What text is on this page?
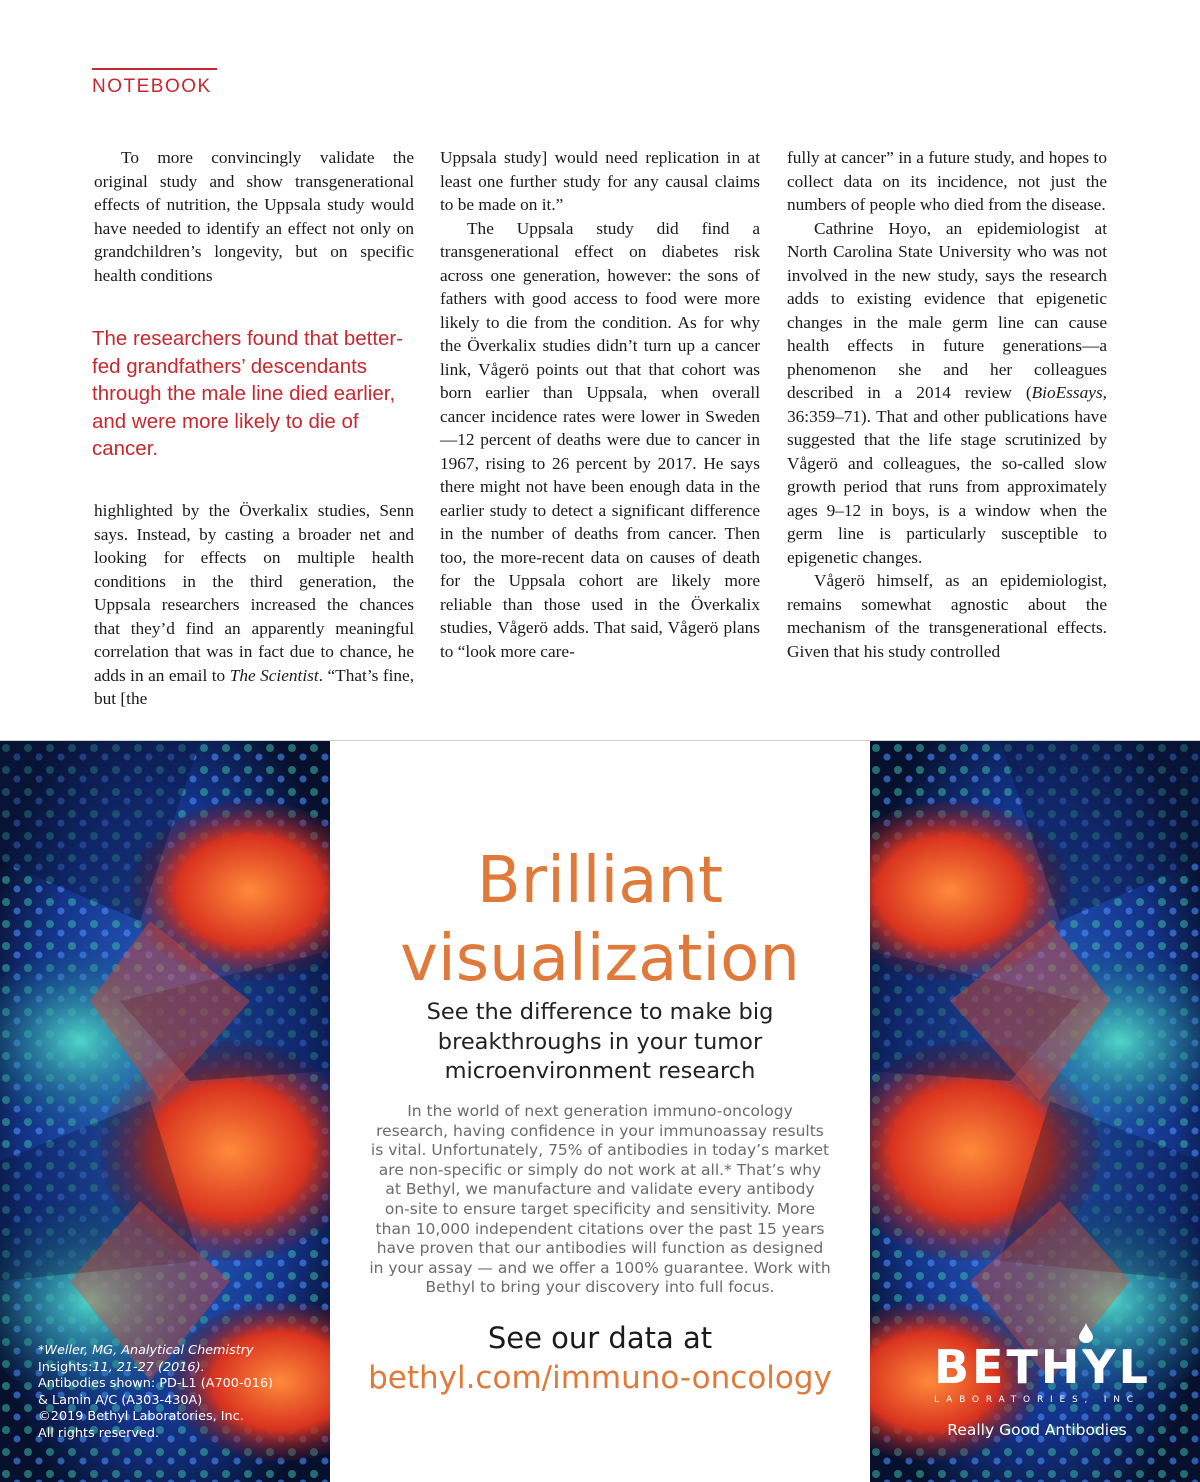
NOTEBOOK

To more convincingly validate the original study and show transgenerational effects of nutrition, the Uppsala study would have needed to identify an effect not only on grandchildren’s longevity, but on specific health conditions

The researchers found that better-fed grandfathers’ descendants through the male line died earlier, and were more likely to die of cancer.

highlighted by the Överkalix studies, Senn says. Instead, by casting a broader net and looking for effects on multiple health conditions in the third generation, the Uppsala researchers increased the chances that they’d find an apparently meaningful correlation that was in fact due to chance, he adds in an email to The Scientist. “That’s fine, but [the

Uppsala study] would need replication in at least one further study for any causal claims to be made on it.”

The Uppsala study did find a transgenerational effect on diabetes risk across one generation, however: the sons of fathers with good access to food were more likely to die from the condition. As for why the Överkalix studies didn’t turn up a cancer link, Vågerö points out that that cohort was born earlier than Uppsala, when overall cancer incidence rates were lower in Sweden—12 percent of deaths were due to cancer in 1967, rising to 26 percent by 2017. He says there might not have been enough data in the earlier study to detect a significant difference in the number of deaths from cancer. Then too, the more-recent data on causes of death for the Uppsala cohort are likely more reliable than those used in the Överkalix studies, Vågerö adds. That said, Vågerö plans to “look more care-

fully at cancer” in a future study, and hopes to collect data on its incidence, not just the numbers of people who died from the disease.

Cathrine Hoyo, an epidemiologist at North Carolina State University who was not involved in the new study, says the research adds to existing evidence that epigenetic changes in the male germ line can cause health effects in future generations—a phenomenon she and her colleagues described in a 2014 review (BioEssays, 36:359–71). That and other publications have suggested that the life stage scrutinized by Vågerö and colleagues, the so-called slow growth period that runs from approximately ages 9–12 in boys, is a window when the germ line is particularly susceptible to epigenetic changes.

Vågerö himself, as an epidemiologist, remains somewhat agnostic about the mechanism of the transgenerational effects. Given that his study controlled

Brilliant
visualization
See the difference to make big
breakthroughs in your tumor
microenvironment research
In the world of next generation immuno-oncology
research, having confidence in your immunoassay results
is vital. Unfortunately, 75% of antibodies in today’s market
are non-specific or simply do not work at all.* That’s why
at Bethyl, we manufacture and validate every antibody
on-site to ensure target specificity and sensitivity. More
than 10,000 independent citations over the past 15 years
have proven that our antibodies will function as designed
in your assay — and we offer a 100% guarantee. Work with
Bethyl to bring your discovery into full focus.
See our data at
bethyl.com/immuno-oncology
*Weller, MG, Analytical Chemistry
Insights:11, 21-27 (2016).
Antibodies shown: PD-L1 (A700-016)
& Lamin A/C (A303-430A)
©2019 Bethyl Laboratories, Inc.
All rights reserved.
BETHYL
LABORATORIES, INC
Really Good Antibodies
